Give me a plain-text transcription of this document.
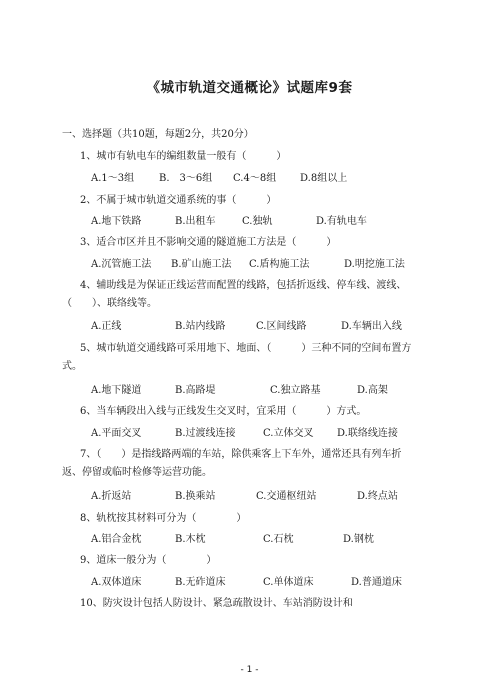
《城市轨道交通概论》试题库9套
一、选择题（共10题，每题2分，共20分）
1、城市有轨电车的编组数量一般有（　　　）
A.1～3组 B.　3～6组 C.4～8组 D.8组以上
2、不属于城市轨道交通系统的事（　　　）
A.地下铁路	B.出租车	C.独轨	D.有轨电车
3、适合市区并且不影响交通的隧道施工方法是（　　　）
A.沉管施工法 B.矿山施工法 C.盾构施工法	D.明挖施工法
4、辅助线是为保证正线运营而配置的线路，包括折返线、停车线、渡线、
（　　）、联络线等。
A.正线	B.站内线路	C.区间线路	D.车辆出入线
5、城市轨道交通线路可采用地下、地面、（　　　）三种不同的空间布置方
式。
A.地下隧道	B.高路堤	C.独立路基	D.高架
6、当车辆段出入线与正线发生交叉时，宜采用（　　　）方式。
A.平面交叉	B.过渡线连接	C.立体交叉 D.联络线连接
7、（　　）是指线路两端的车站，除供乘客上下车外，通常还具有列车折
返、停留或临时检修等运营功能。
A.折返站	B.换乘站	C.交通枢纽站	D.终点站
8、轨枕按其材料可分为（　　　　）
A.铝合金枕	B.木枕	C.石枕	D.钢枕
9、道床一般分为（　　　　）
A.双体道床	B.无砟道床	C.单体道床	D.普通道床
10、防灾设计包括人防设计、紧急疏散设计、车站消防设计和
- 1 -
